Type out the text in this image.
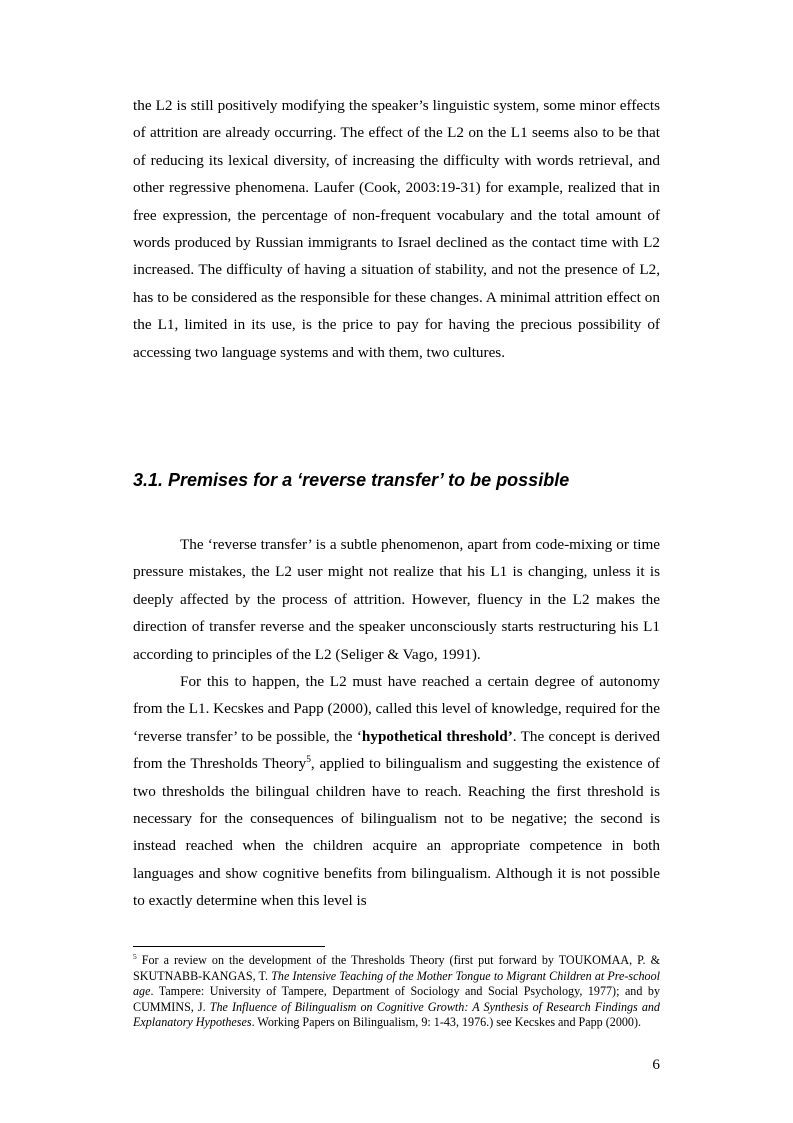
the L2 is still positively modifying the speaker’s linguistic system, some minor effects of attrition are already occurring. The effect of the L2 on the L1 seems also to be that of reducing its lexical diversity, of increasing the difficulty with words retrieval, and other regressive phenomena. Laufer (Cook, 2003:19-31) for example, realized that in free expression, the percentage of non-frequent vocabulary and the total amount of words produced by Russian immigrants to Israel declined as the contact time with L2 increased. The difficulty of having a situation of stability, and not the presence of L2, has to be considered as the responsible for these changes. A minimal attrition effect on the L1, limited in its use, is the price to pay for having the precious possibility of accessing two language systems and with them, two cultures.

3.1. Premises for a ‘reverse transfer’ to be possible

The ‘reverse transfer’ is a subtle phenomenon, apart from code-mixing or time pressure mistakes, the L2 user might not realize that his L1 is changing, unless it is deeply affected by the process of attrition. However, fluency in the L2 makes the direction of transfer reverse and the speaker unconsciously starts restructuring his L1 according to principles of the L2 (Seliger & Vago, 1991).

For this to happen, the L2 must have reached a certain degree of autonomy from the L1. Kecskes and Papp (2000), called this level of knowledge, required for the ‘reverse transfer’ to be possible, the ‘hypothetical threshold’. The concept is derived from the Thresholds Theory$^5$, applied to bilingualism and suggesting the existence of two thresholds the bilingual children have to reach. Reaching the first threshold is necessary for the consequences of bilingualism not to be negative; the second is instead reached when the children acquire an appropriate competence in both languages and show cognitive benefits from bilingualism. Although it is not possible to exactly determine when this level is

$^5$ For a review on the development of the Thresholds Theory (first put forward by TOUKOMAA, P. & SKUTNABB-KANGAS, T. The Intensive Teaching of the Mother Tongue to Migrant Children at Pre-school age. Tampere: University of Tampere, Department of Sociology and Social Psychology, 1977); and by CUMMINS, J. The Influence of Bilingualism on Cognitive Growth: A Synthesis of Research Findings and Explanatory Hypotheses. Working Papers on Bilingualism, 9: 1-43, 1976.) see Kecskes and Papp (2000).

6
